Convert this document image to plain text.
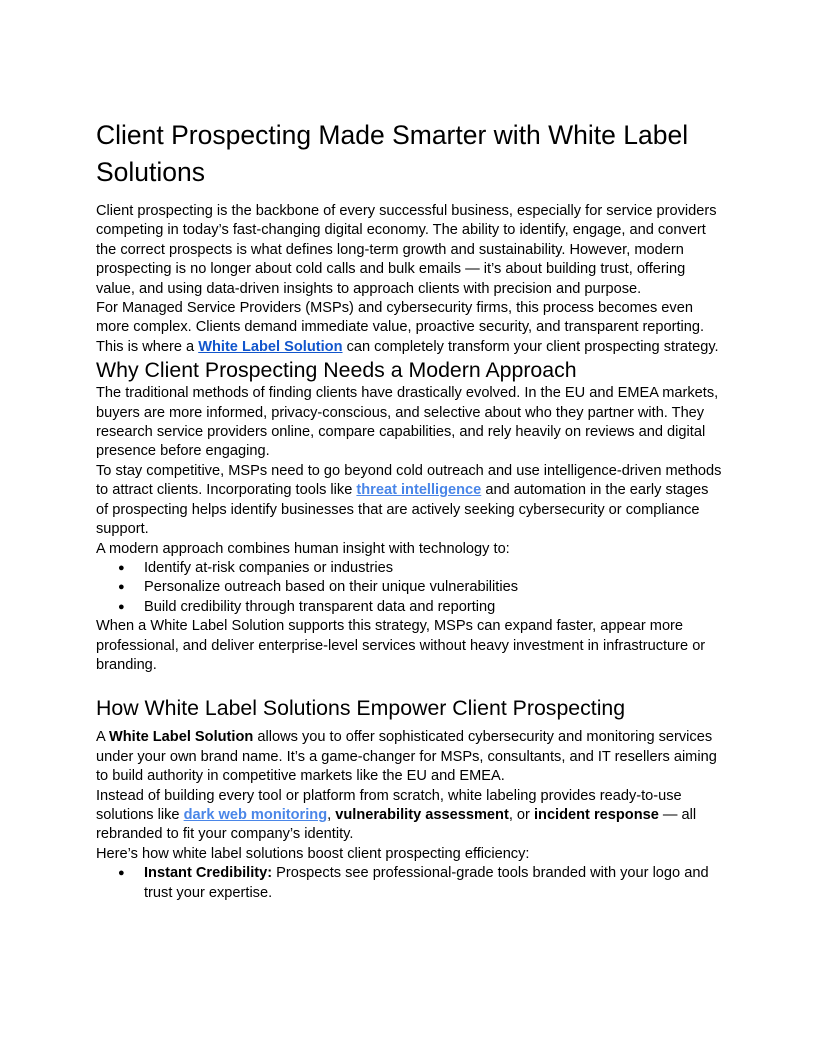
Client Prospecting Made Smarter with White Label Solutions

Client prospecting is the backbone of every successful business, especially for service providers competing in today’s fast-changing digital economy. The ability to identify, engage, and convert the correct prospects is what defines long-term growth and sustainability. However, modern prospecting is no longer about cold calls and bulk emails — it’s about building trust, offering value, and using data-driven insights to approach clients with precision and purpose.

For Managed Service Providers (MSPs) and cybersecurity firms, this process becomes even more complex. Clients demand immediate value, proactive security, and transparent reporting.

This is where a White Label Solution can completely transform your client prospecting strategy.

Why Client Prospecting Needs a Modern Approach

The traditional methods of finding clients have drastically evolved. In the EU and EMEA markets, buyers are more informed, privacy-conscious, and selective about who they partner with. They research service providers online, compare capabilities, and rely heavily on reviews and digital presence before engaging.

To stay competitive, MSPs need to go beyond cold outreach and use intelligence-driven methods to attract clients. Incorporating tools like threat intelligence and automation in the early stages of prospecting helps identify businesses that are actively seeking cybersecurity or compliance support.

A modern approach combines human insight with technology to:

● Identify at-risk companies or industries
● Personalize outreach based on their unique vulnerabilities
● Build credibility through transparent data and reporting

When a White Label Solution supports this strategy, MSPs can expand faster, appear more professional, and deliver enterprise-level services without heavy investment in infrastructure or branding.

How White Label Solutions Empower Client Prospecting

A White Label Solution allows you to offer sophisticated cybersecurity and monitoring services under your own brand name. It’s a game-changer for MSPs, consultants, and IT resellers aiming to build authority in competitive markets like the EU and EMEA.

Instead of building every tool or platform from scratch, white labeling provides ready-to-use solutions like dark web monitoring, vulnerability assessment, or incident response — all rebranded to fit your company’s identity.

Here’s how white label solutions boost client prospecting efficiency:

● Instant Credibility: Prospects see professional-grade tools branded with your logo and trust your expertise.
